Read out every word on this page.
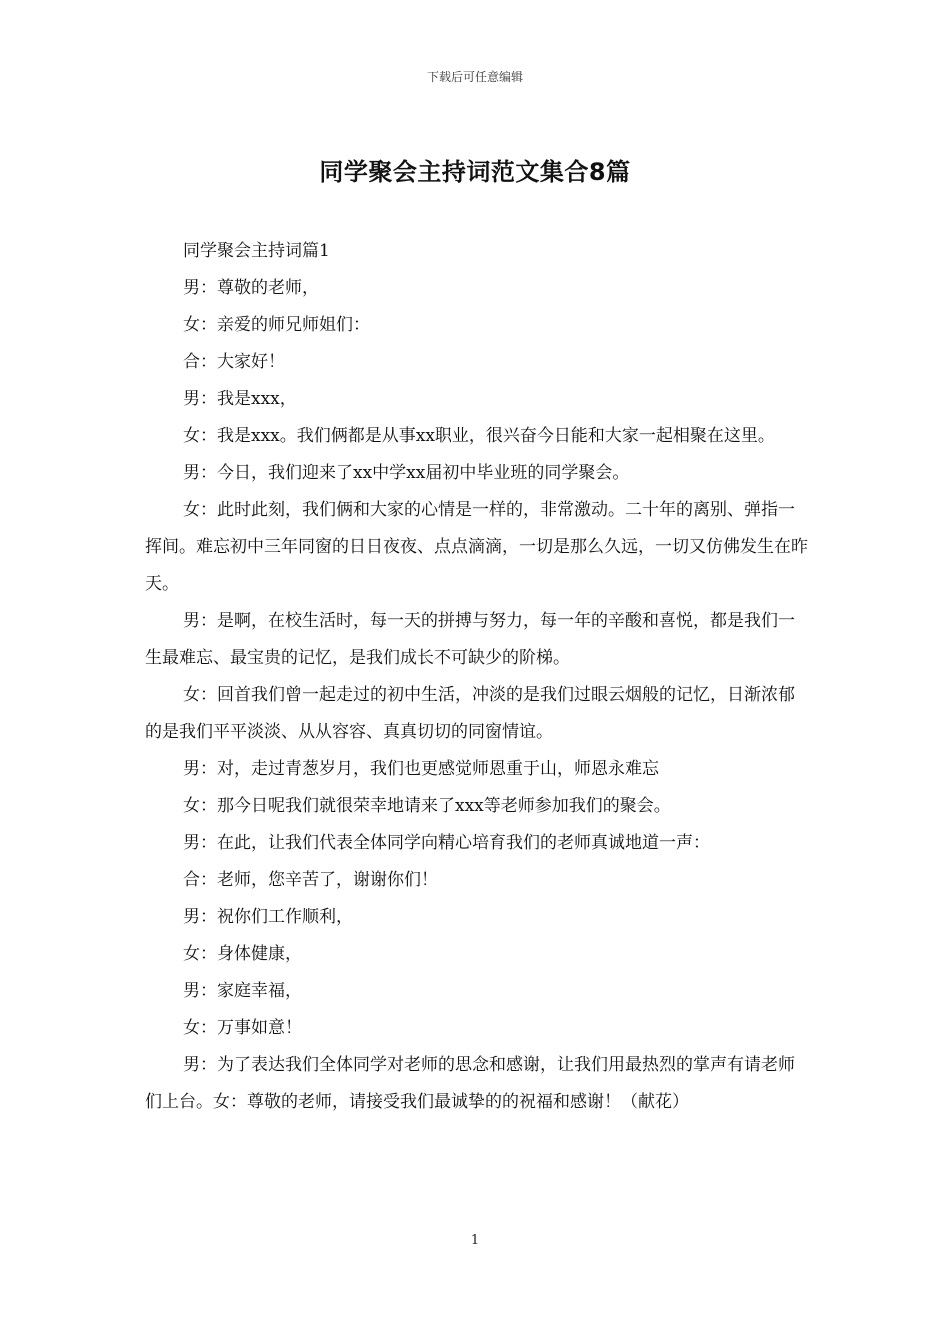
下载后可任意编辑
同学聚会主持词范文集合8篇

同学聚会主持词篇1

男：尊敬的老师，

女：亲爱的师兄师姐们：

合：大家好！

男：我是xxx，

女：我是xxx。我们俩都是从事xx职业，很兴奋今日能和大家一起相聚在这里。

男：今日，我们迎来了xx中学xx届初中毕业班的同学聚会。

女：此时此刻，我们俩和大家的心情是一样的，非常激动。二十年的离别、弹指一挥间。难忘初中三年同窗的日日夜夜、点点滴滴，一切是那么久远，一切又仿佛发生在昨天。

男：是啊，在校生活时，每一天的拼搏与努力，每一年的辛酸和喜悦，都是我们一生最难忘、最宝贵的记忆，是我们成长不可缺少的阶梯。

女：回首我们曾一起走过的初中生活，冲淡的是我们过眼云烟般的记忆，日渐浓郁的是我们平平淡淡、从从容容、真真切切的同窗情谊。

男：对，走过青葱岁月，我们也更感觉师恩重于山，师恩永难忘

女：那今日呢我们就很荣幸地请来了xxx等老师参加我们的聚会。

男：在此，让我们代表全体同学向精心培育我们的老师真诚地道一声：

合：老师，您辛苦了，谢谢你们！

男：祝你们工作顺利，

女：身体健康，

男：家庭幸福，

女：万事如意！

男：为了表达我们全体同学对老师的思念和感谢，让我们用最热烈的掌声有请老师们上台。女：尊敬的老师，请接受我们最诚挚的的祝福和感谢！（献花）

1
